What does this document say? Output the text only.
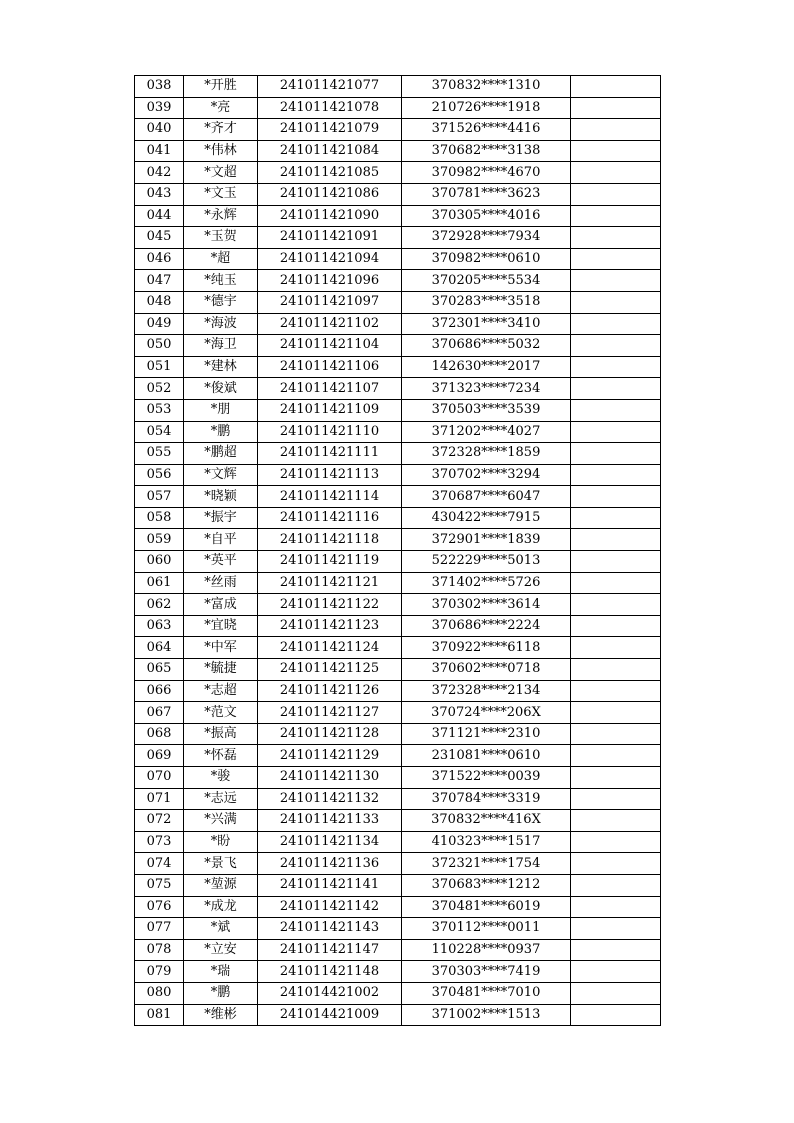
038	*开胜	241011421077	370832****1310	
039	*亮	241011421078	210726****1918	
040	*齐才	241011421079	371526****4416	
041	*伟林	241011421084	370682****3138	
042	*文超	241011421085	370982****4670	
043	*文玉	241011421086	370781****3623	
044	*永辉	241011421090	370305****4016	
045	*玉贺	241011421091	372928****7934	
046	*超	241011421094	370982****0610	
047	*纯玉	241011421096	370205****5534	
048	*德宇	241011421097	370283****3518	
049	*海波	241011421102	372301****3410	
050	*海卫	241011421104	370686****5032	
051	*建林	241011421106	142630****2017	
052	*俊斌	241011421107	371323****7234	
053	*朋	241011421109	370503****3539	
054	*鹏	241011421110	371202****4027	
055	*鹏超	241011421111	372328****1859	
056	*文辉	241011421113	370702****3294	
057	*晓颖	241011421114	370687****6047	
058	*振宇	241011421116	430422****7915	
059	*自平	241011421118	372901****1839	
060	*英平	241011421119	522229****5013	
061	*丝雨	241011421121	371402****5726	
062	*富成	241011421122	370302****3614	
063	*宜晓	241011421123	370686****2224	
064	*中军	241011421124	370922****6118	
065	*毓捷	241011421125	370602****0718	
066	*志超	241011421126	372328****2134	
067	*范文	241011421127	370724****206X	
068	*振高	241011421128	371121****2310	
069	*怀磊	241011421129	231081****0610	
070	*骏	241011421130	371522****0039	
071	*志远	241011421132	370784****3319	
072	*兴满	241011421133	370832****416X	
073	*盼	241011421134	410323****1517	
074	*景飞	241011421136	372321****1754	
075	*堃源	241011421141	370683****1212	
076	*成龙	241011421142	370481****6019	
077	*斌	241011421143	370112****0011	
078	*立安	241011421147	110228****0937	
079	*瑞	241011421148	370303****7419	
080	*鹏	241014421002	370481****7010	
081	*维彬	241014421009	371002****1513	
